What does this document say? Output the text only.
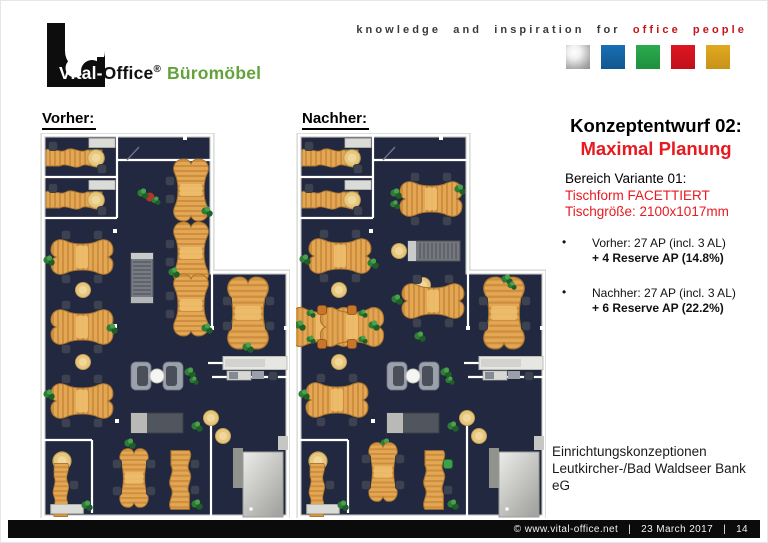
Vital-Office® Büromöbel
knowledge and inspiration for office people
Vorher:	Nachher:	Konzeptentwurf 02:
Maximal Planung
Bereich Variante 01:
Tischform FACETTIERT
Tischgröße: 2100x1017mm
• Vorher: 27 AP (incl. 3 AL)
+ 4 Reserve AP (14.8%)
• Nachher: 27 AP (incl. 3 AL)
+ 6 Reserve AP (22.2%)
Einrichtungskonzeptionen
Leutkircher-/Bad Waldseer Bank
eG
© www.vital-office.net | 23 March 2017 | 14
